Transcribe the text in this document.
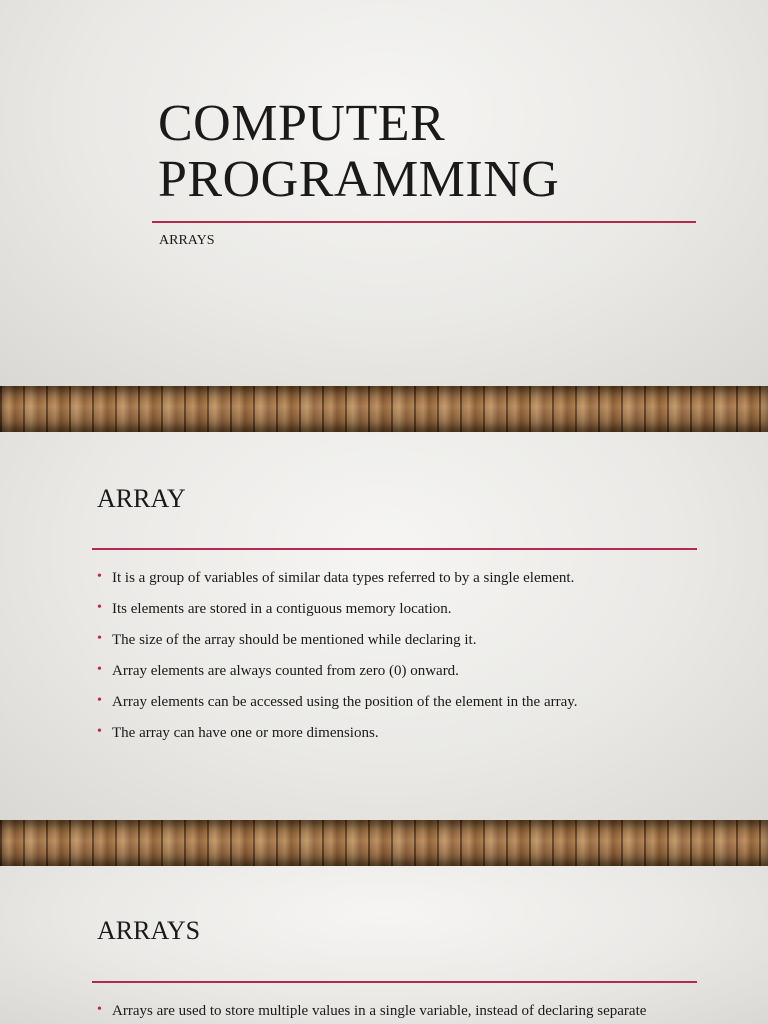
COMPUTER
PROGRAMMING
ARRAYS
ARRAY
• It is a group of variables of similar data types referred to by a single element.
• Its elements are stored in a contiguous memory location.
• The size of the array should be mentioned while declaring it.
• Array elements are always counted from zero (0) onward.
• Array elements can be accessed using the position of the element in the array.
• The array can have one or more dimensions.
ARRAYS
• Arrays are used to store multiple values in a single variable, instead of declaring separate
